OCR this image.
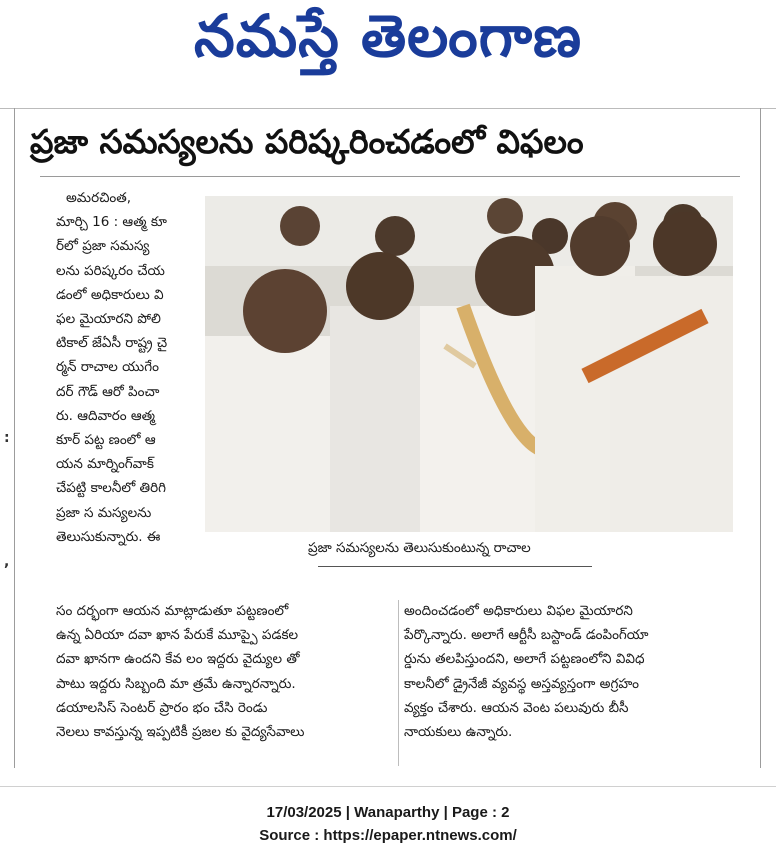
నమస్తే తెలంగాణ
:
,
ప్రజా సమస్యలను పరిష్కరించడంలో విఫలం
అమరచింత,
మార్చి 16 : ఆత్మ కూ
ర్‌లో ప్రజా సమస్య
లను పరిష్కరం చేయ
డంలో అధికారులు వి
ఫల మైయారని పోలి
టికాల్ జేఏసీ రాష్ట్ర చై
ర్మన్ రాచాల యుగేం
దర్ గౌడ్ ఆరో పించా
రు. ఆదివారం ఆత్మ
కూర్ పట్ట ణంలో ఆ
యన మార్నింగ్‌వాక్
చేపట్టి కాలనీలో తిరిగి
ప్రజా స మస్యలను
తెలుసుకున్నారు. ఈ
ప్రజా సమస్యలను తెలుసుకుంటున్న రాచాల
సం దర్భంగా ఆయన మాట్లాడుతూ పట్టణంలో
ఉన్న ఏరియా దవా ఖాన పేరుకే మూప్పై పడకల
దవా ఖానగా ఉందని కేవ లం ఇద్దరు వైద్యుల తో
పాటు ఇద్దరు సిబ్బంది మా త్రమే ఉన్నారన్నారు.
డయాలసిస్ సెంటర్ ప్రారం భం చేసి రెండు
నెలలు కావస్తున్న ఇప్పటికీ ప్రజల కు వైద్యసేవాలు
అందించడంలో అధికారులు విఫల మైయారని
పేర్కొన్నారు. అలాగే ఆర్టీసీ బస్టాండ్ డంపింగ్‌యా
ర్డును తలపిస్తుందని, అలాగే పట్టణంలోని వివిధ
కాలనీలో డ్రైనేజీ వ్యవస్థ అస్తవ్యస్తంగా అగ్రహం
వ్యక్తం చేశారు. ఆయన వెంట పలువురు బీసీ
నాయకులు ఉన్నారు.
17/03/2025 | Wanaparthy | Page : 2
Source : https://epaper.ntnews.com/
